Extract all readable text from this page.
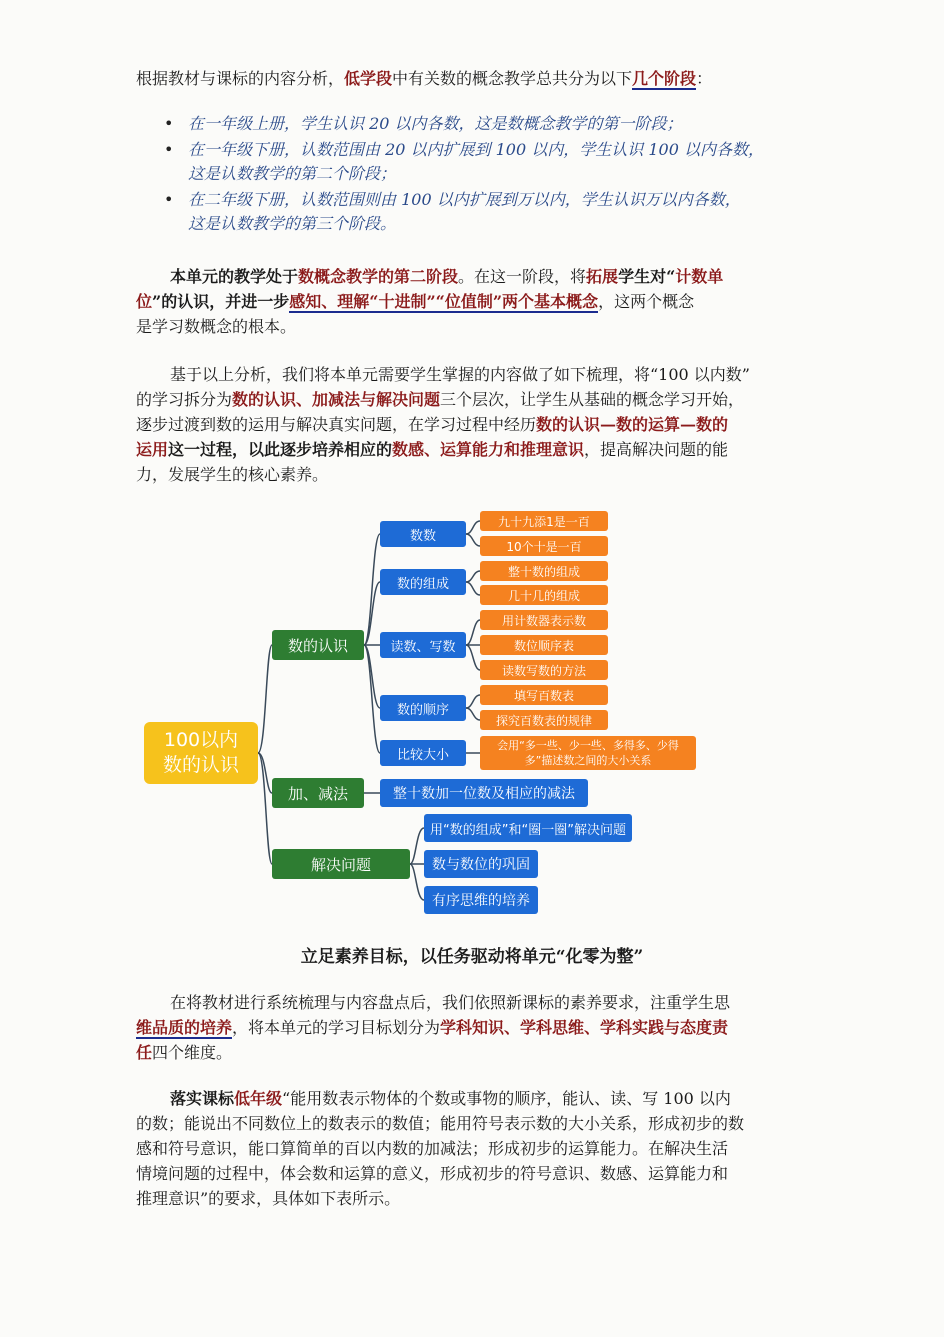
根据教材与课标的内容分析，低学段中有关数的概念教学总共分为以下几个阶段：

• 在一年级上册，学生认识 20 以内各数，这是数概念教学的第一阶段；
• 在一年级下册，认数范围由 20 以内扩展到 100 以内，学生认识 100 以内各数，
这是认数教学的第二个阶段；
• 在二年级下册，认数范围则由 100 以内扩展到万以内，学生认识万以内各数，
这是认数教学的第三个阶段。
本单元的教学处于数概念教学的第二阶段。在这一阶段，将拓展学生对“计数单
位”的认识，并进一步感知、理解“十进制”“位值制”两个基本概念，这两个概念
是学习数概念的根本。
基于以上分析，我们将本单元需要学生掌握的内容做了如下梳理，将“100 以内数”
的学习拆分为数的认识、加减法与解决问题三个层次，让学生从基础的概念学习开始，
逐步过渡到数的运用与解决真实问题，在学习过程中经历数的认识—数的运算—数的
运用这一过程，以此逐步培养相应的数感、运算能力和推理意识，提高解决问题的能
力，发展学生的核心素养。
100以内数的认识
数的认识
加、减法
解决问题
数数
数的组成
读数、写数
数的顺序
比较大小
九十九添1是一百
10个十是一百
整十数的组成
几十几的组成
用计数器表示数
数位顺序表
读数写数的方法
填写百数表
探究百数表的规律
会用“多一些、少一些、多得多、少得多”描述数之间的大小关系
整十数加一位数及相应的减法
用“数的组成”和“圈一圈”解决问题
数与数位的巩固
有序思维的培养
立足素养目标，以任务驱动将单元“化零为整”
在将教材进行系统梳理与内容盘点后，我们依照新课标的素养要求，注重学生思
维品质的培养，将本单元的学习目标划分为学科知识、学科思维、学科实践与态度责
任四个维度。
落实课标低年级“能用数表示物体的个数或事物的顺序，能认、读、写 100 以内
的数；能说出不同数位上的数表示的数值；能用符号表示数的大小关系，形成初步的数
感和符号意识，能口算简单的百以内数的加减法；形成初步的运算能力。在解决生活
情境问题的过程中，体会数和运算的意义，形成初步的符号意识、数感、运算能力和
推理意识”的要求，具体如下表所示。
